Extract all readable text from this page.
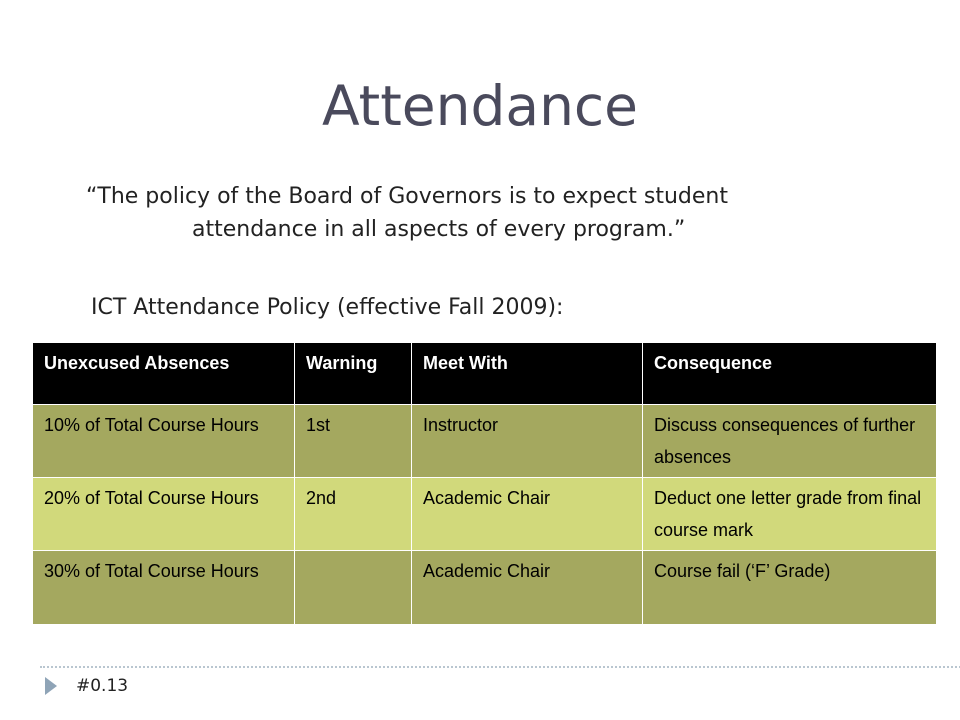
Attendance

“The policy of the Board of Governors is to expect student
attendance in all aspects of every program.”

ICT Attendance Policy (effective Fall 2009):

Unexcused Absences	Warning	Meet With	Consequence
10% of Total Course Hours	1st	Instructor	Discuss consequences of further absences
20% of Total Course Hours	2nd	Academic Chair	Deduct one letter grade from final course mark
30% of Total Course Hours		Academic Chair	Course fail (‘F’ Grade)
#0.13
